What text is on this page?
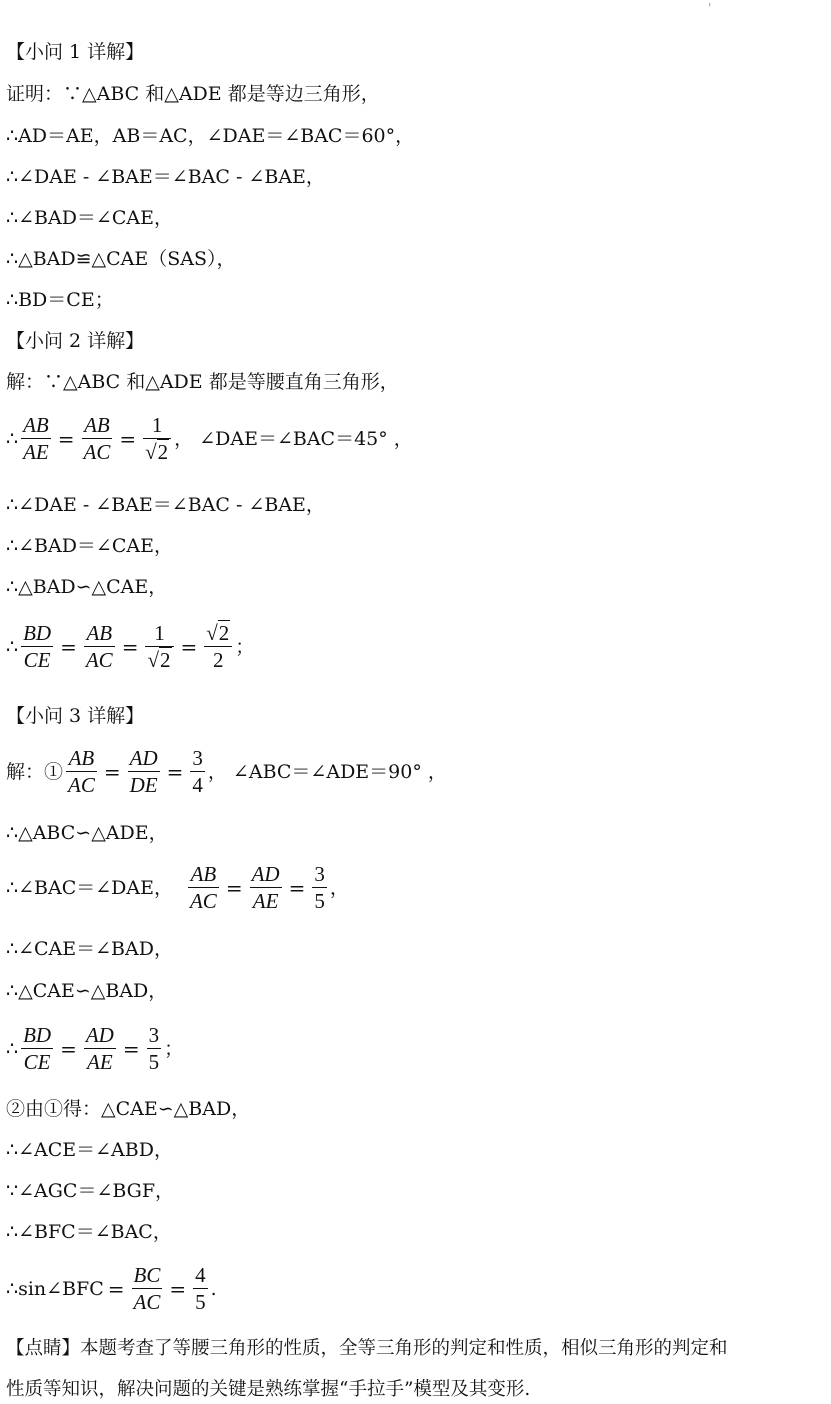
'
【小问 1 详解】
证明：∵△ABC 和△ADE 都是等边三角形，
∴AD＝AE，AB＝AC，∠DAE＝∠BAC＝60°，
∴∠DAE - ∠BAE＝∠BAC - ∠BAE，
∴∠BAD＝∠CAE，
∴△BAD≌△CAE（SAS），
∴BD＝CE；
【小问 2 详解】
解：∵△ABC 和△ADE 都是等腰直角三角形，
∴ $\frac{AB}{AE} = \frac{AB}{AC} = \frac{1}{√2}$ ， ∠DAE＝∠BAC＝45° ，
∴∠DAE - ∠BAE＝∠BAC - ∠BAE，
∴∠BAD＝∠CAE，
∴△BAD∽△CAE，
∴ $\frac{BD}{CE} = \frac{AB}{AC} = \frac{1}{√2} = \frac{√2}{2}$ ；
【小问 3 详解】
解：① $\frac{AB}{AC} = \frac{AD}{DE} = \frac{3}{4}$ ， ∠ABC＝∠ADE＝90° ，
∴△ABC∽△ADE，
∴∠BAC＝∠DAE， $\frac{AB}{AC} = \frac{AD}{AE} = \frac{3}{5}$ ，
∴∠CAE＝∠BAD，
∴△CAE∽△BAD，
∴ $\frac{BD}{CE} = \frac{AD}{AE} = \frac{3}{5}$ ；
②由①得：△CAE∽△BAD，
∴∠ACE＝∠ABD，
∵∠AGC＝∠BGF，
∴∠BFC＝∠BAC，
∴sin∠BFC = $\frac{BC}{AC} = \frac{4}{5}$ .
【点睛】本题考查了等腰三角形的性质，全等三角形的判定和性质，相似三角形的判定和
性质等知识，解决问题的关键是熟练掌握“手拉手”模型及其变形.
